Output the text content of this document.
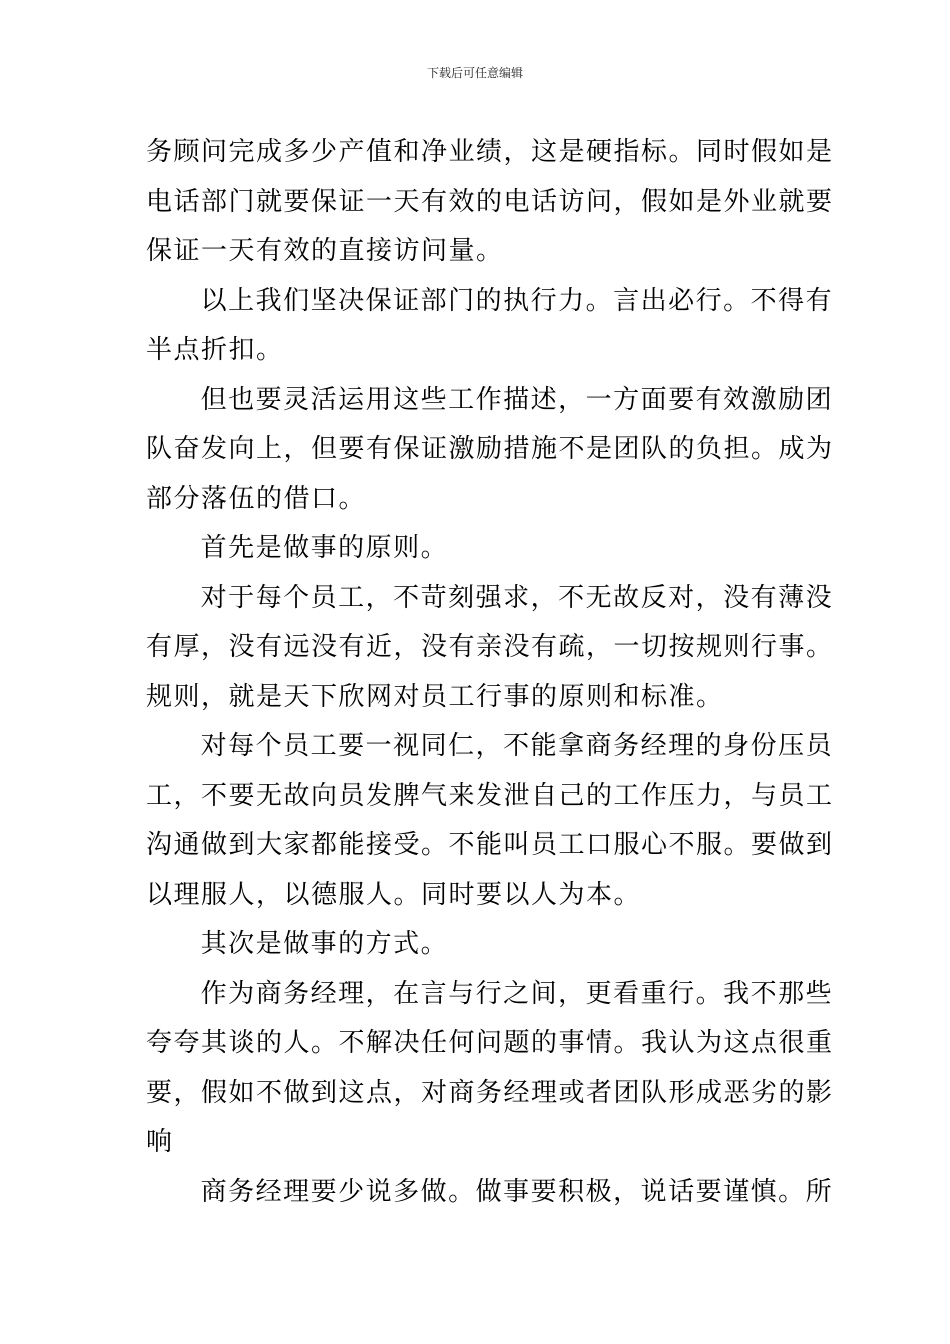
下载后可任意编辑

务顾问完成多少产值和净业绩，这是硬指标。同时假如是
电话部门就要保证一天有效的电话访问，假如是外业就要
保证一天有效的直接访问量。

以上我们坚决保证部门的执行力。言出必行。不得有
半点折扣。

但也要灵活运用这些工作描述，一方面要有效激励团
队奋发向上，但要有保证激励措施不是团队的负担。成为
部分落伍的借口。

首先是做事的原则。

对于每个员工，不苛刻强求，不无故反对，没有薄没
有厚，没有远没有近，没有亲没有疏，一切按规则行事。
规则，就是天下欣网对员工行事的原则和标准。

对每个员工要一视同仁，不能拿商务经理的身份压员
工，不要无故向员发脾气来发泄自己的工作压力，与员工
沟通做到大家都能接受。不能叫员工口服心不服。要做到
以理服人，以德服人。同时要以人为本。

其次是做事的方式。

作为商务经理，在言与行之间，更看重行。我不那些
夸夸其谈的人。不解决任何问题的事情。我认为这点很重
要，假如不做到这点，对商务经理或者团队形成恶劣的影
响

商务经理要少说多做。做事要积极，说话要谨慎。所
